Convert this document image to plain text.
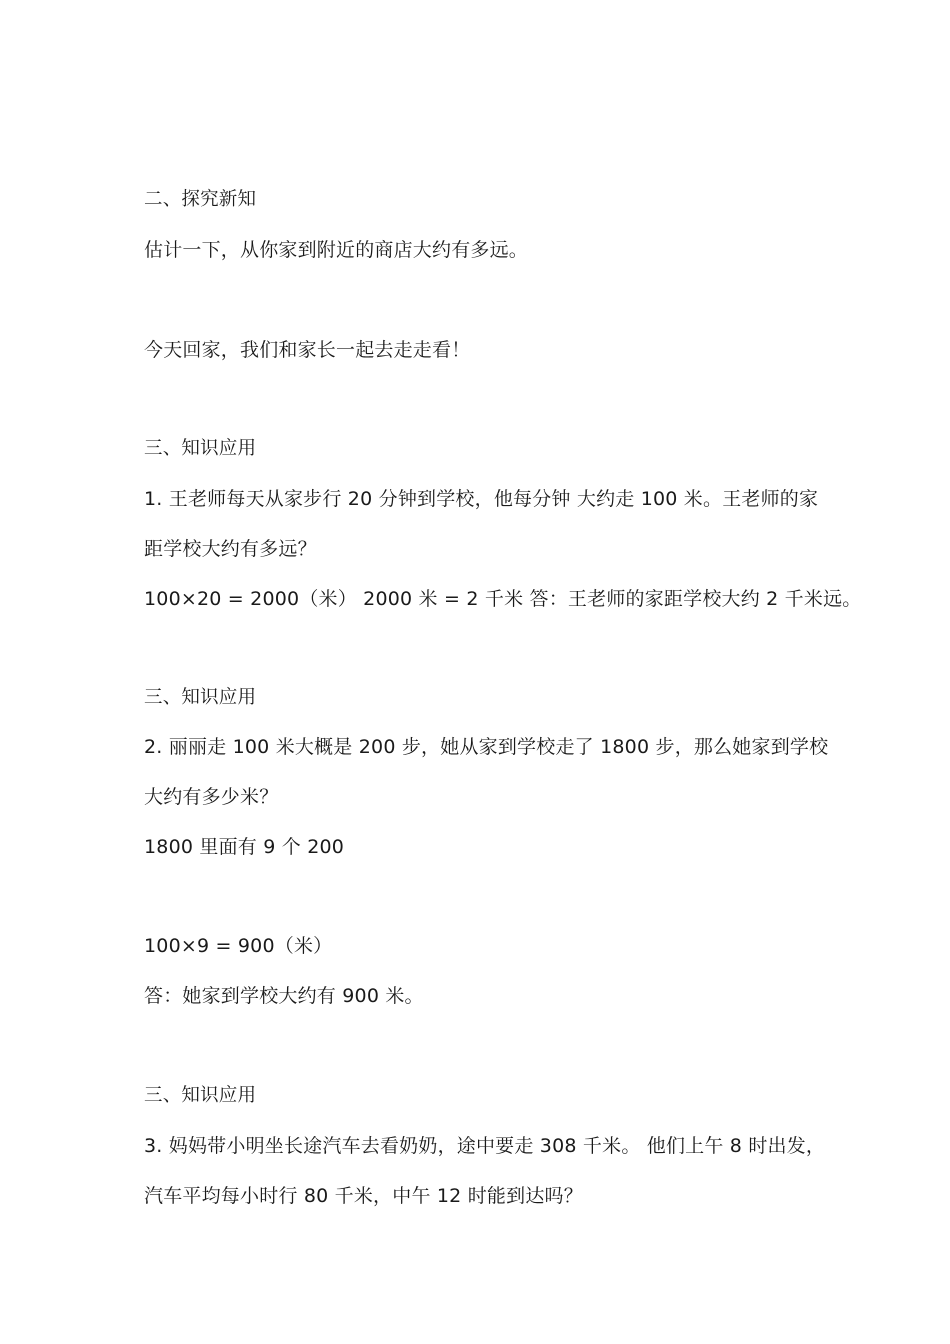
二、探究新知
估计一下，从你家到附近的商店大约有多远。
今天回家，我们和家长一起去走走看！
三、知识应用
1. 王老师每天从家步行 20 分钟到学校，他每分钟 大约走 100 米。王老师的家
距学校大约有多远？
100×20 = 2000（米） 2000 米 = 2 千米 答：王老师的家距学校大约 2 千米远。
三、知识应用
2. 丽丽走 100 米大概是 200 步，她从家到学校走了 1800 步，那么她家到学校
大约有多少米？
1800 里面有 9 个 200
100×9 = 900（米）
答：她家到学校大约有 900 米。
三、知识应用
3. 妈妈带小明坐长途汽车去看奶奶，途中要走 308 千米。 他们上午 8 时出发，
汽车平均每小时行 80 千米，中午 12 时能到达吗？
